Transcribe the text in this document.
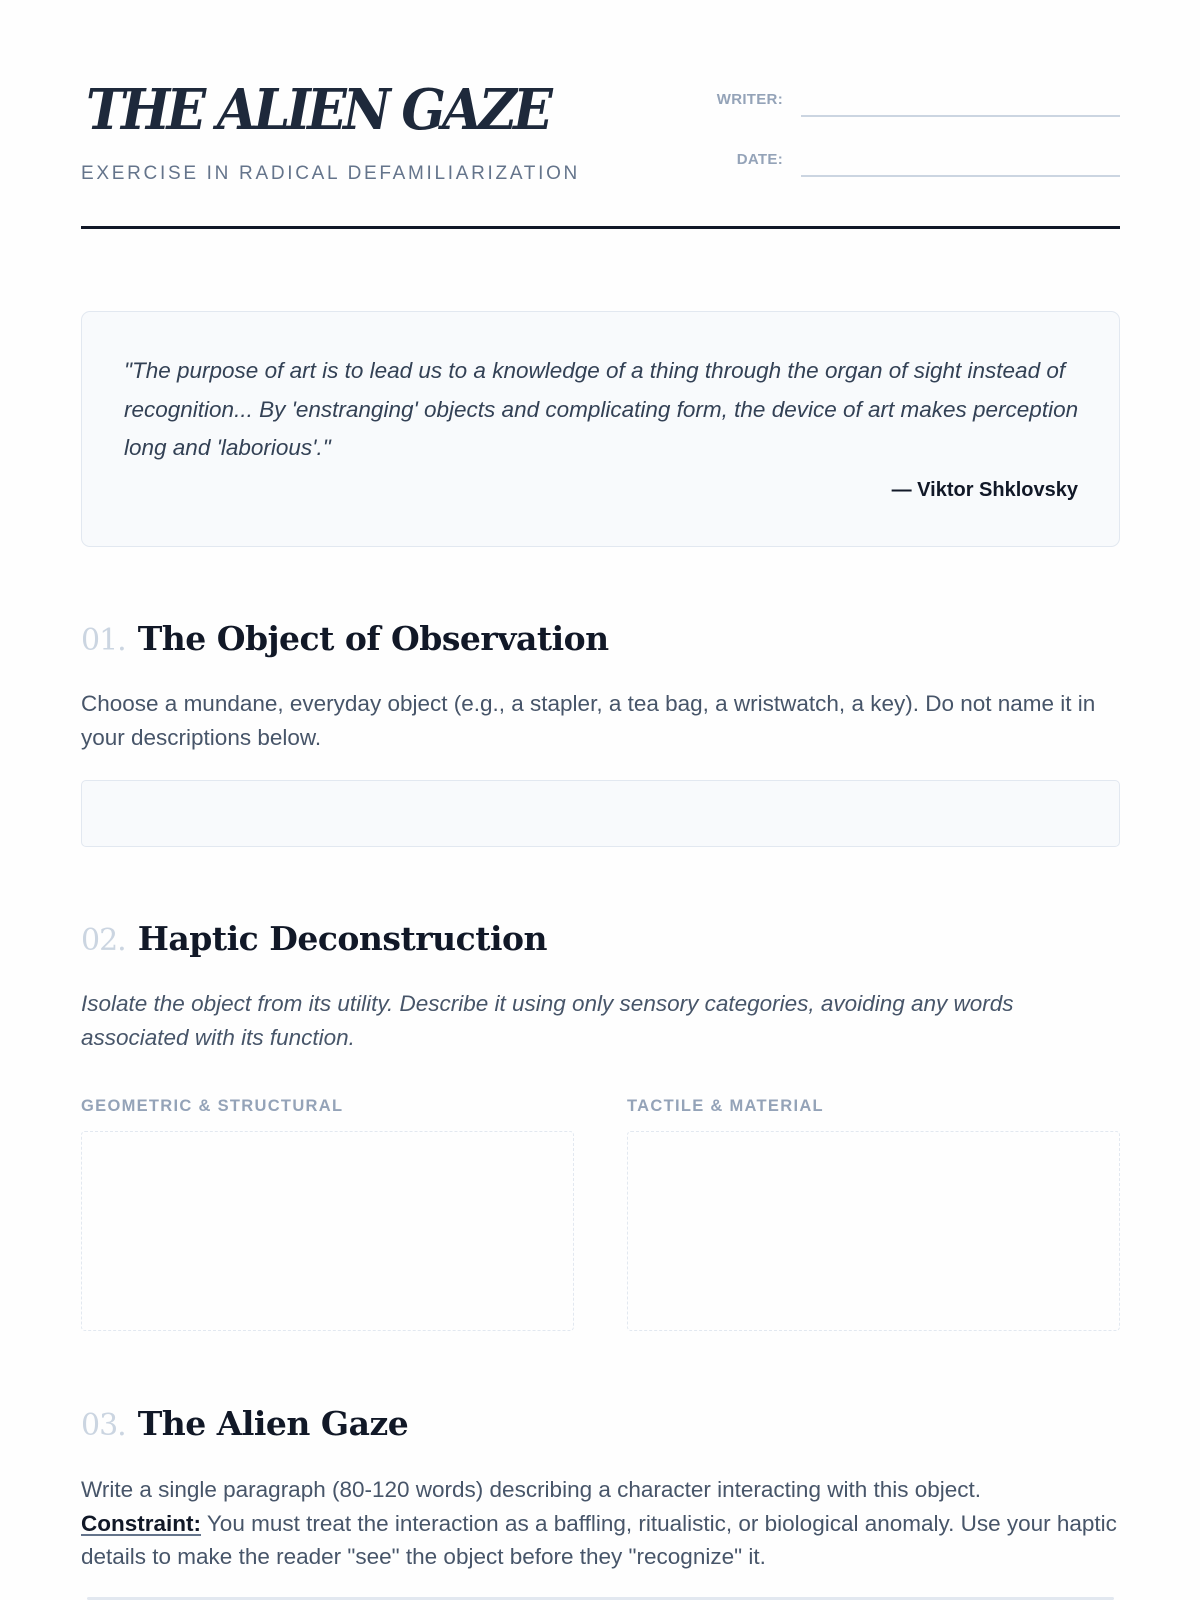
THE ALIEN GAZE
EXERCISE IN RADICAL DEFAMILIARIZATION
WRITER:
DATE:

"The purpose of art is to lead us to a knowledge of a thing through the organ of sight instead of recognition... By 'enstranging' objects and complicating form, the device of art makes perception long and 'laborious'."

— Viktor Shklovsky
01. The Object of Observation

Choose a mundane, everyday object (e.g., a stapler, a tea bag, a wristwatch, a key). Do not name it in your descriptions below.

02. Haptic Deconstruction

Isolate the object from its utility. Describe it using only sensory categories, avoiding any words associated with its function.

GEOMETRIC & STRUCTURAL	TACTILE & MATERIAL
03. The Alien Gaze

Write a single paragraph (80-120 words) describing a character interacting with this object.
Constraint: You must treat the interaction as a baffling, ritualistic, or biological anomaly. Use your haptic details to make the reader "see" the object before they "recognize" it.
